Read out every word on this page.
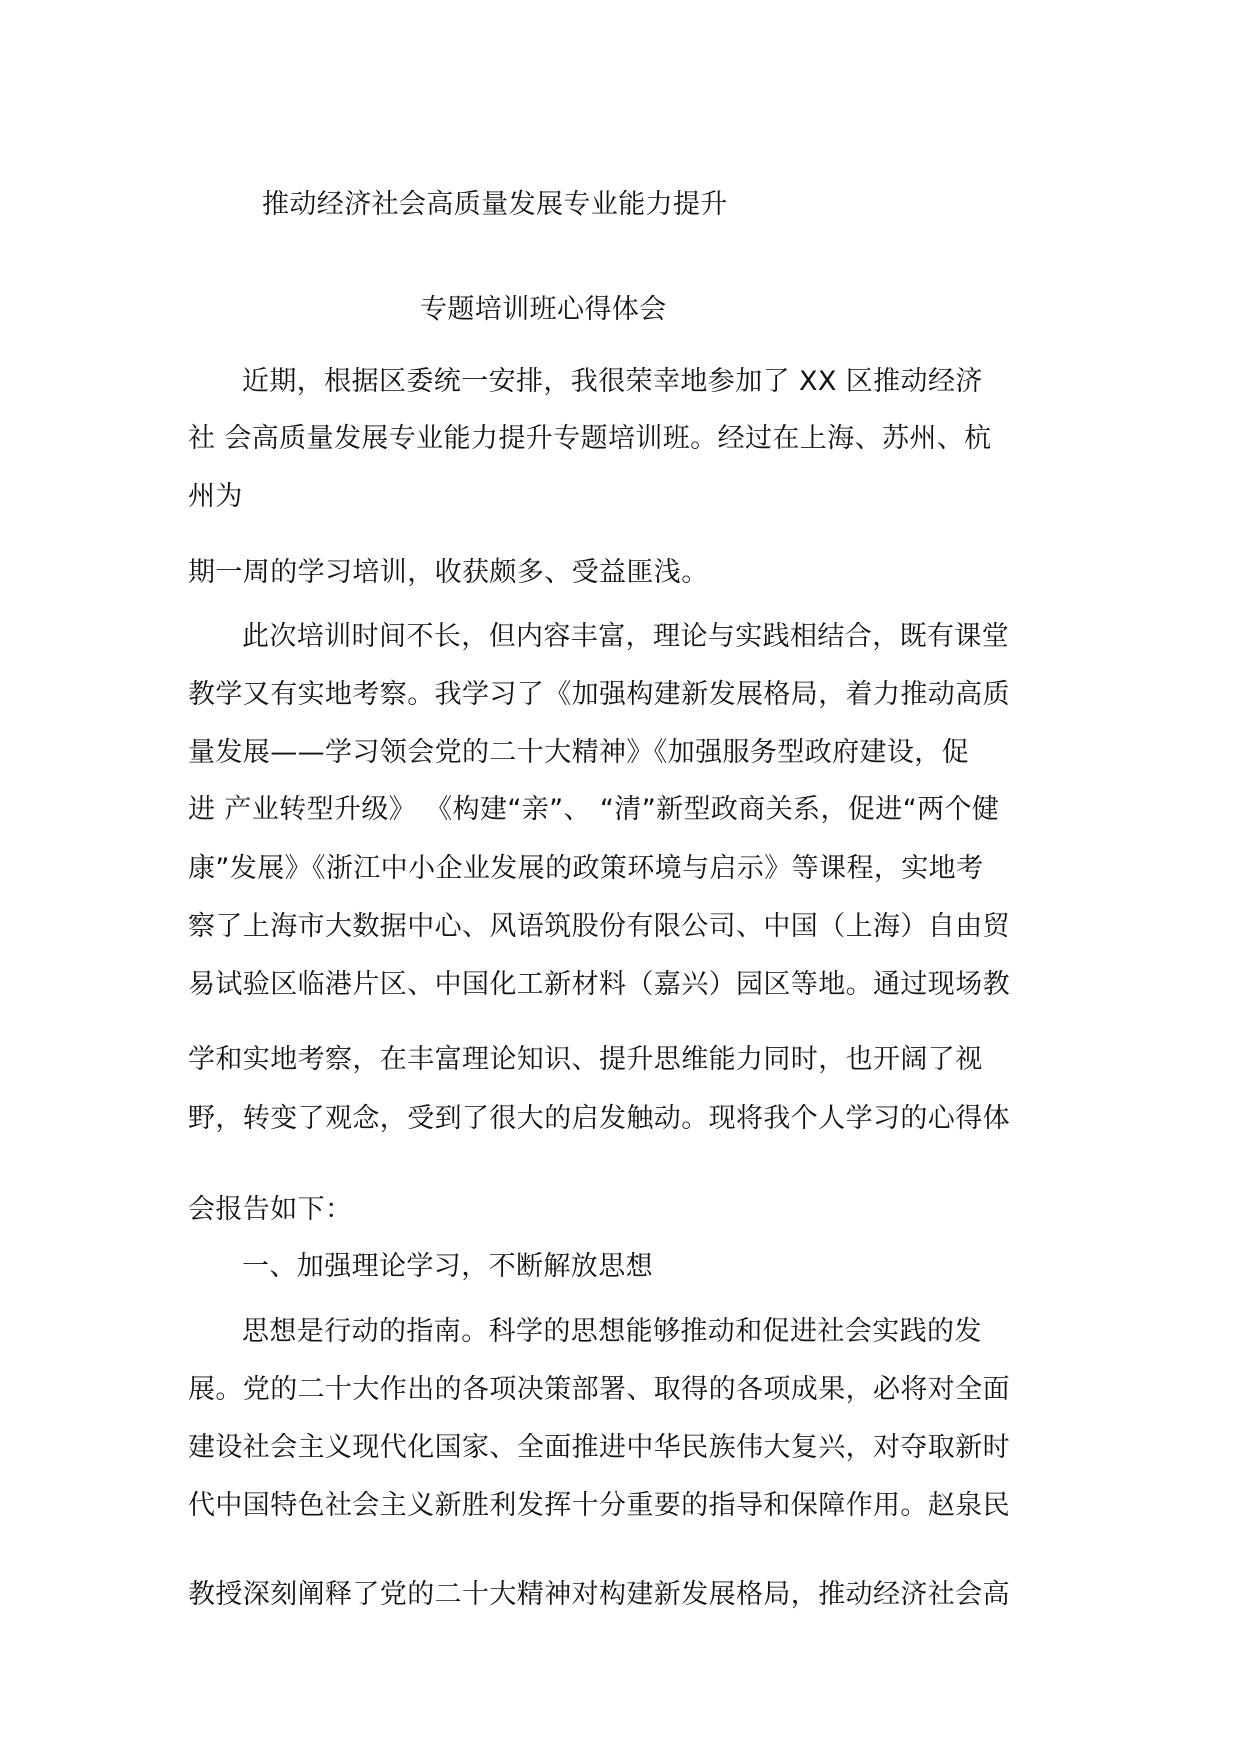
推动经济社会高质量发展专业能力提升
专题培训班心得体会
近期，根据区委统一安排，我很荣幸地参加了 XX 区推动经济
社 会高质量发展专业能力提升专题培训班。经过在上海、苏州、杭
州为
期一周的学习培训，收获颇多、受益匪浅。
此次培训时间不长，但内容丰富，理论与实践相结合，既有课堂
教学又有实地考察。我学习了《加强构建新发展格局，着力推动高质
量发展——学习领会党的二十大精神》《加强服务型政府建设，促
进 产业转型升级》 《构建“亲”、 “清”新型政商关系，促进“两个健
康”发展》《浙江中小企业发展的政策环境与启示》等课程，实地考
察了上海市大数据中心、风语筑股份有限公司、中国（上海）自由贸
易试验区临港片区、中国化工新材料（嘉兴）园区等地。通过现场教
学和实地考察，在丰富理论知识、提升思维能力同时，也开阔了视
野，转变了观念，受到了很大的启发触动。现将我个人学习的心得体
会报告如下：
一、加强理论学习，不断解放思想
思想是行动的指南。科学的思想能够推动和促进社会实践的发
展。党的二十大作出的各项决策部署、取得的各项成果，必将对全面
建设社会主义现代化国家、全面推进中华民族伟大复兴，对夺取新时
代中国特色社会主义新胜利发挥十分重要的指导和保障作用。赵泉民
教授深刻阐释了党的二十大精神对构建新发展格局，推动经济社会高
